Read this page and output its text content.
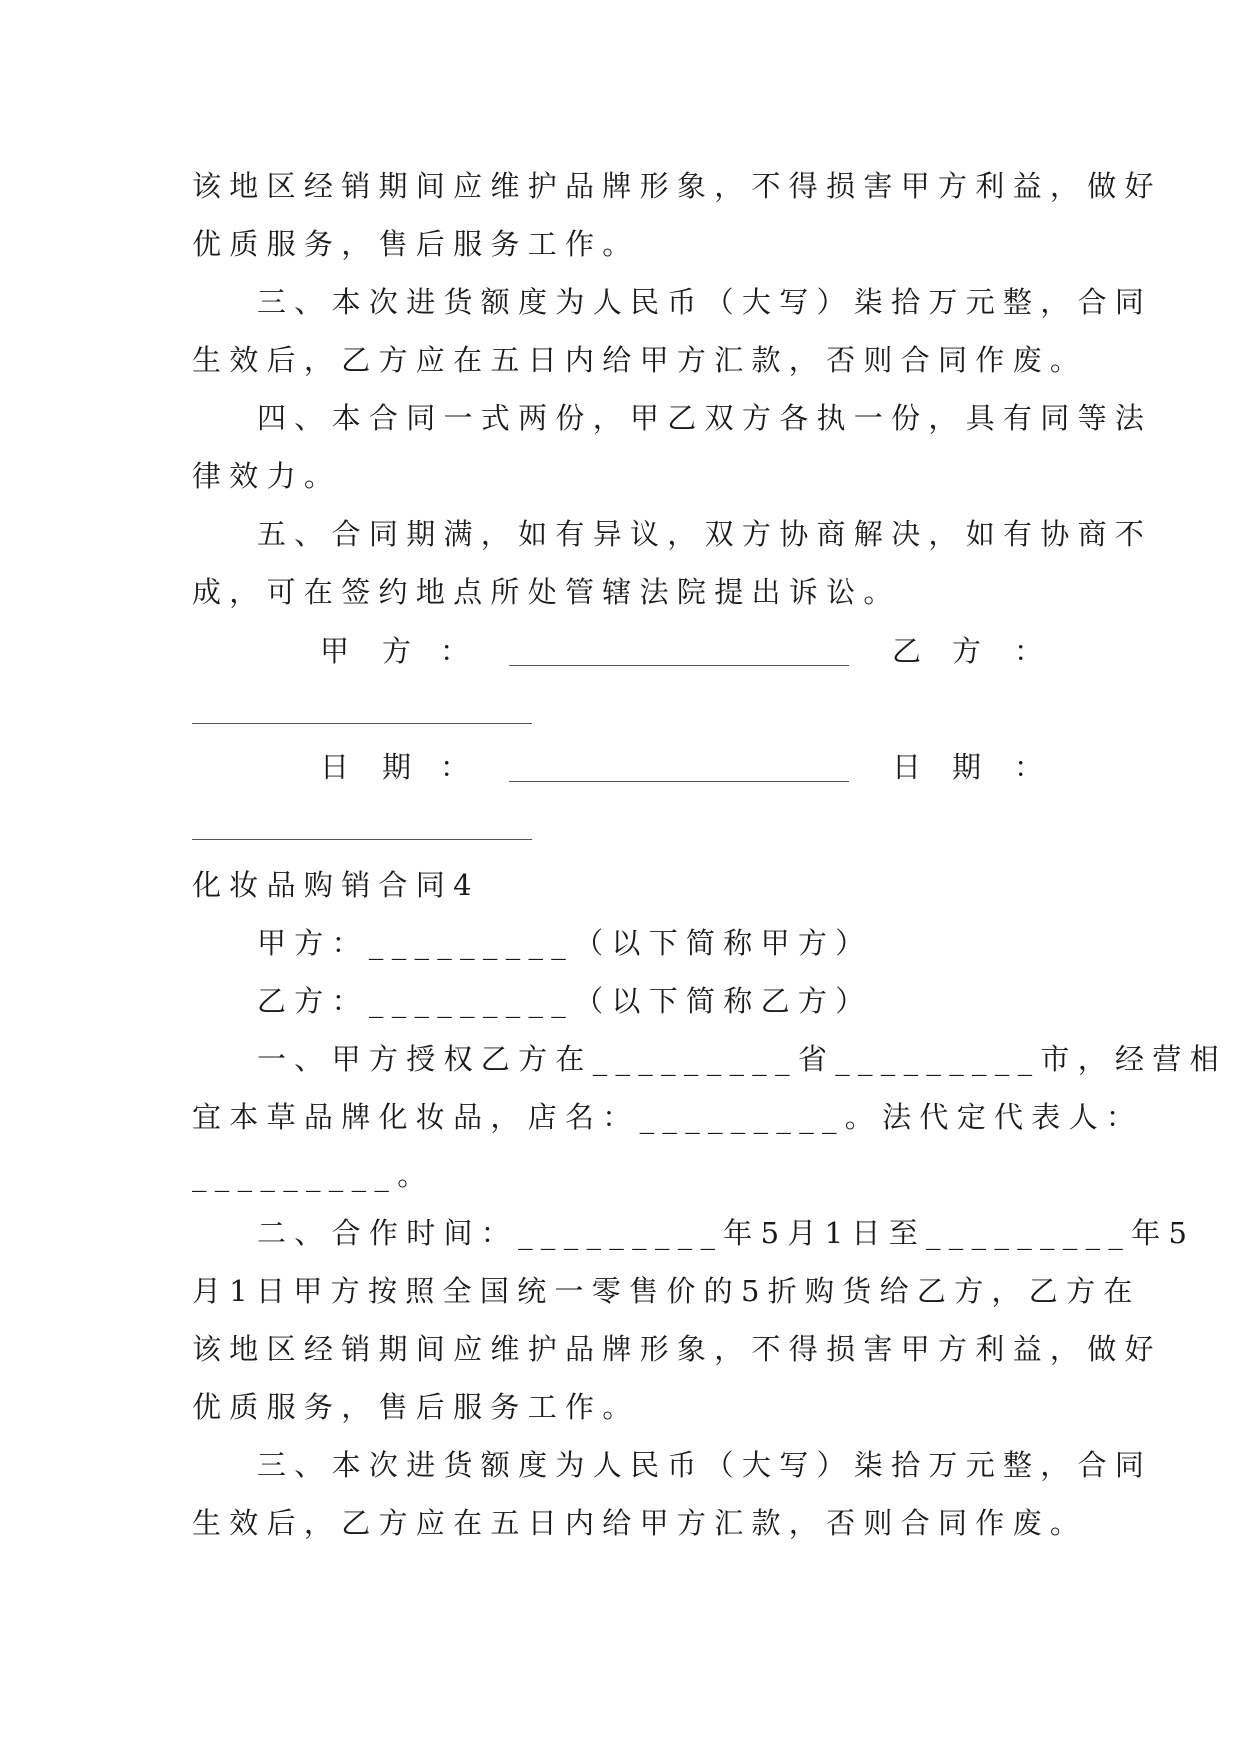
该地区经销期间应维护品牌形象，不得损害甲方利益，做好
优质服务，售后服务工作。
三、本次进货额度为人民币（大写）柒拾万元整，合同
生效后，乙方应在五日内给甲方汇款，否则合同作废。
四、本合同一式两份，甲乙双方各执一份，具有同等法
律效力。
五、合同期满，如有异议，双方协商解决，如有协商不
成，可在签约地点所处管辖法院提出诉讼。
甲 方 ：	乙 方 ：
日 期 ：	日 期 ：
化妆品购销合同4
甲方：_________（以下简称甲方）
乙方：_________（以下简称乙方）
一、甲方授权乙方在_________省_________市，经营相
宜本草品牌化妆品，店名：_________。法代定代表人：
_________。
二、合作时间：_________年5月1日至_________年5
月1日甲方按照全国统一零售价的5折购货给乙方，乙方在
该地区经销期间应维护品牌形象，不得损害甲方利益，做好
优质服务，售后服务工作。
三、本次进货额度为人民币（大写）柒拾万元整，合同
生效后，乙方应在五日内给甲方汇款，否则合同作废。
